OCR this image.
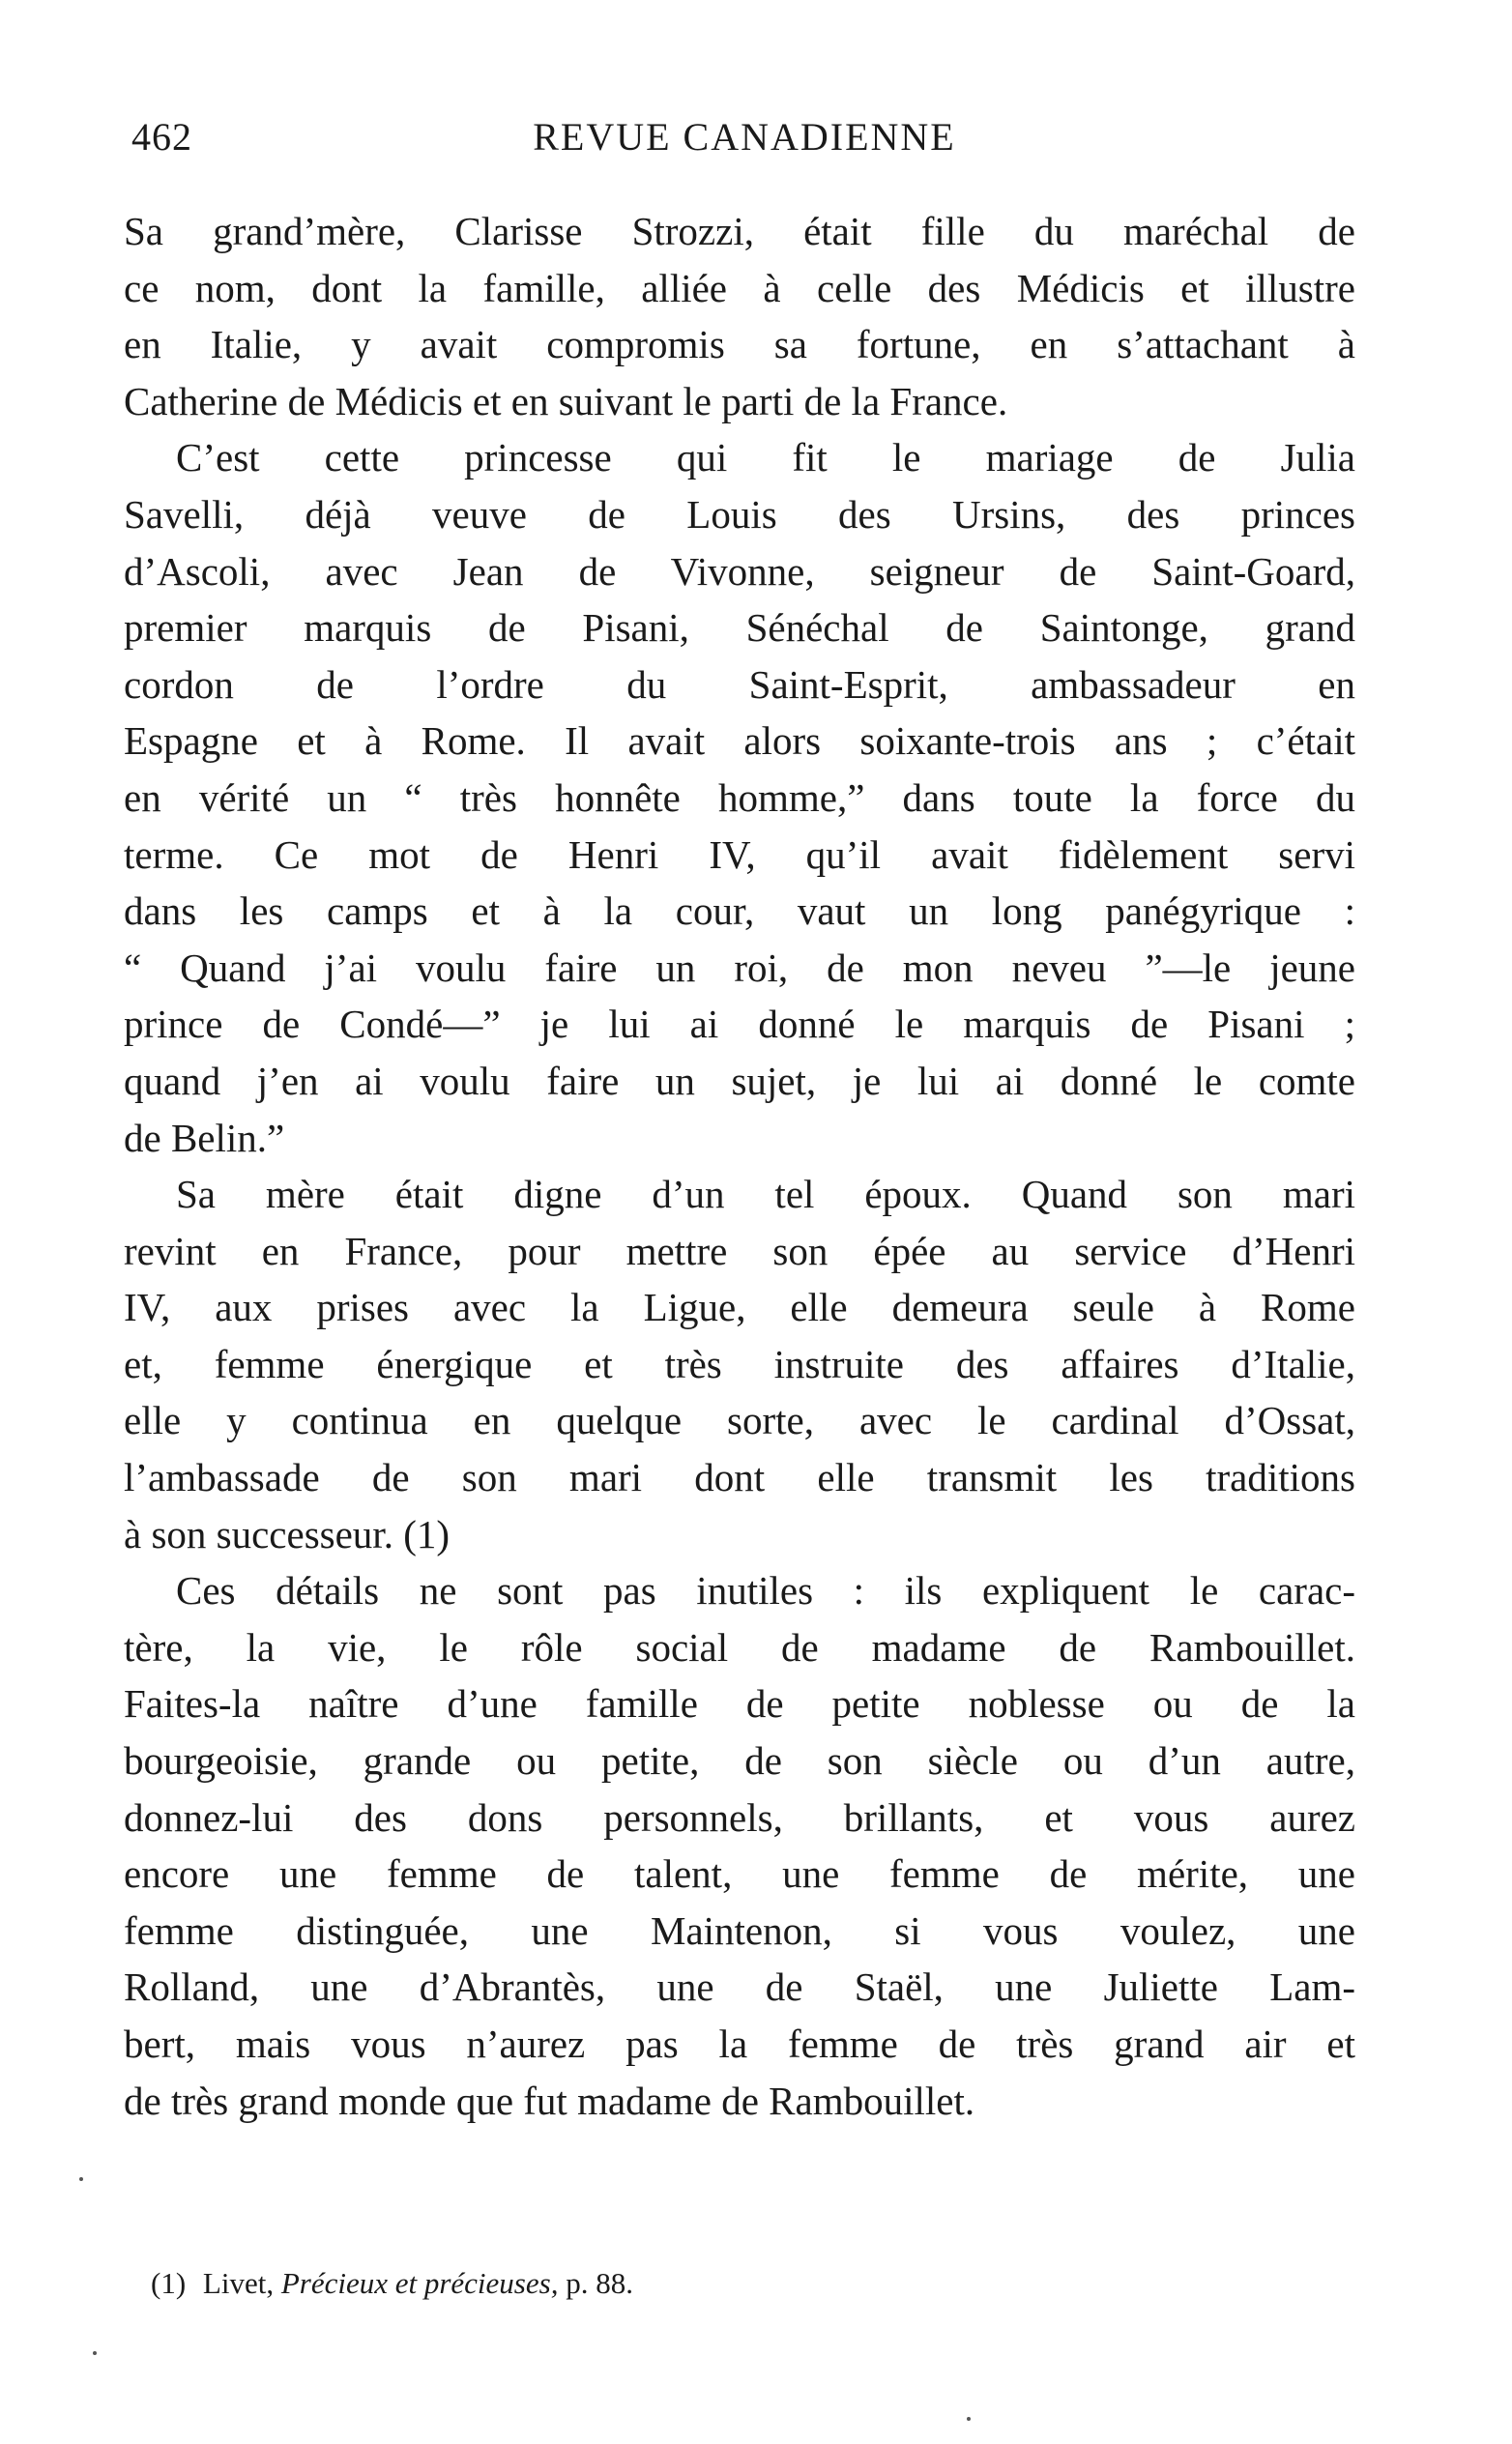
462	REVUE CANADIENNE
Sa grand’mère, Clarisse Strozzi, était fille du maréchal de
ce nom, dont la famille, alliée à celle des Médicis et illustre
en Italie, y avait compromis sa fortune, en s’attachant à
Catherine de Médicis et en suivant le parti de la France.
C’est cette princesse qui fit le mariage de Julia
Savelli, déjà veuve de Louis des Ursins, des princes
d’Ascoli, avec Jean de Vivonne, seigneur de Saint-Goard,
premier marquis de Pisani, Sénéchal de Saintonge, grand
cordon de l’ordre du Saint-Esprit, ambassadeur en
Espagne et à Rome. Il avait alors soixante-trois ans ; c’était
en vérité un “ très honnête homme,” dans toute la force du
terme. Ce mot de Henri IV, qu’il avait fidèlement servi
dans les camps et à la cour, vaut un long panégyrique :
“ Quand j’ai voulu faire un roi, de mon neveu ”—le jeune
prince de Condé—” je lui ai donné le marquis de Pisani ;
quand j’en ai voulu faire un sujet, je lui ai donné le comte
de Belin.”
Sa mère était digne d’un tel époux. Quand son mari
revint en France, pour mettre son épée au service d’Henri
IV, aux prises avec la Ligue, elle demeura seule à Rome
et, femme énergique et très instruite des affaires d’Italie,
elle y continua en quelque sorte, avec le cardinal d’Ossat,
l’ambassade de son mari dont elle transmit les traditions
à son successeur. (1)
Ces détails ne sont pas inutiles : ils expliquent le carac-
tère, la vie, le rôle social de madame de Rambouillet.
Faites-la naître d’une famille de petite noblesse ou de la
bourgeoisie, grande ou petite, de son siècle ou d’un autre,
donnez-lui des dons personnels, brillants, et vous aurez
encore une femme de talent, une femme de mérite, une
femme distinguée, une Maintenon, si vous voulez, une
Rolland, une d’Abrantès, une de Staël, une Juliette Lam-
bert, mais vous n’aurez pas la femme de très grand air et
de très grand monde que fut madame de Rambouillet.
(1) Livet, Précieux et précieuses, p. 88.
